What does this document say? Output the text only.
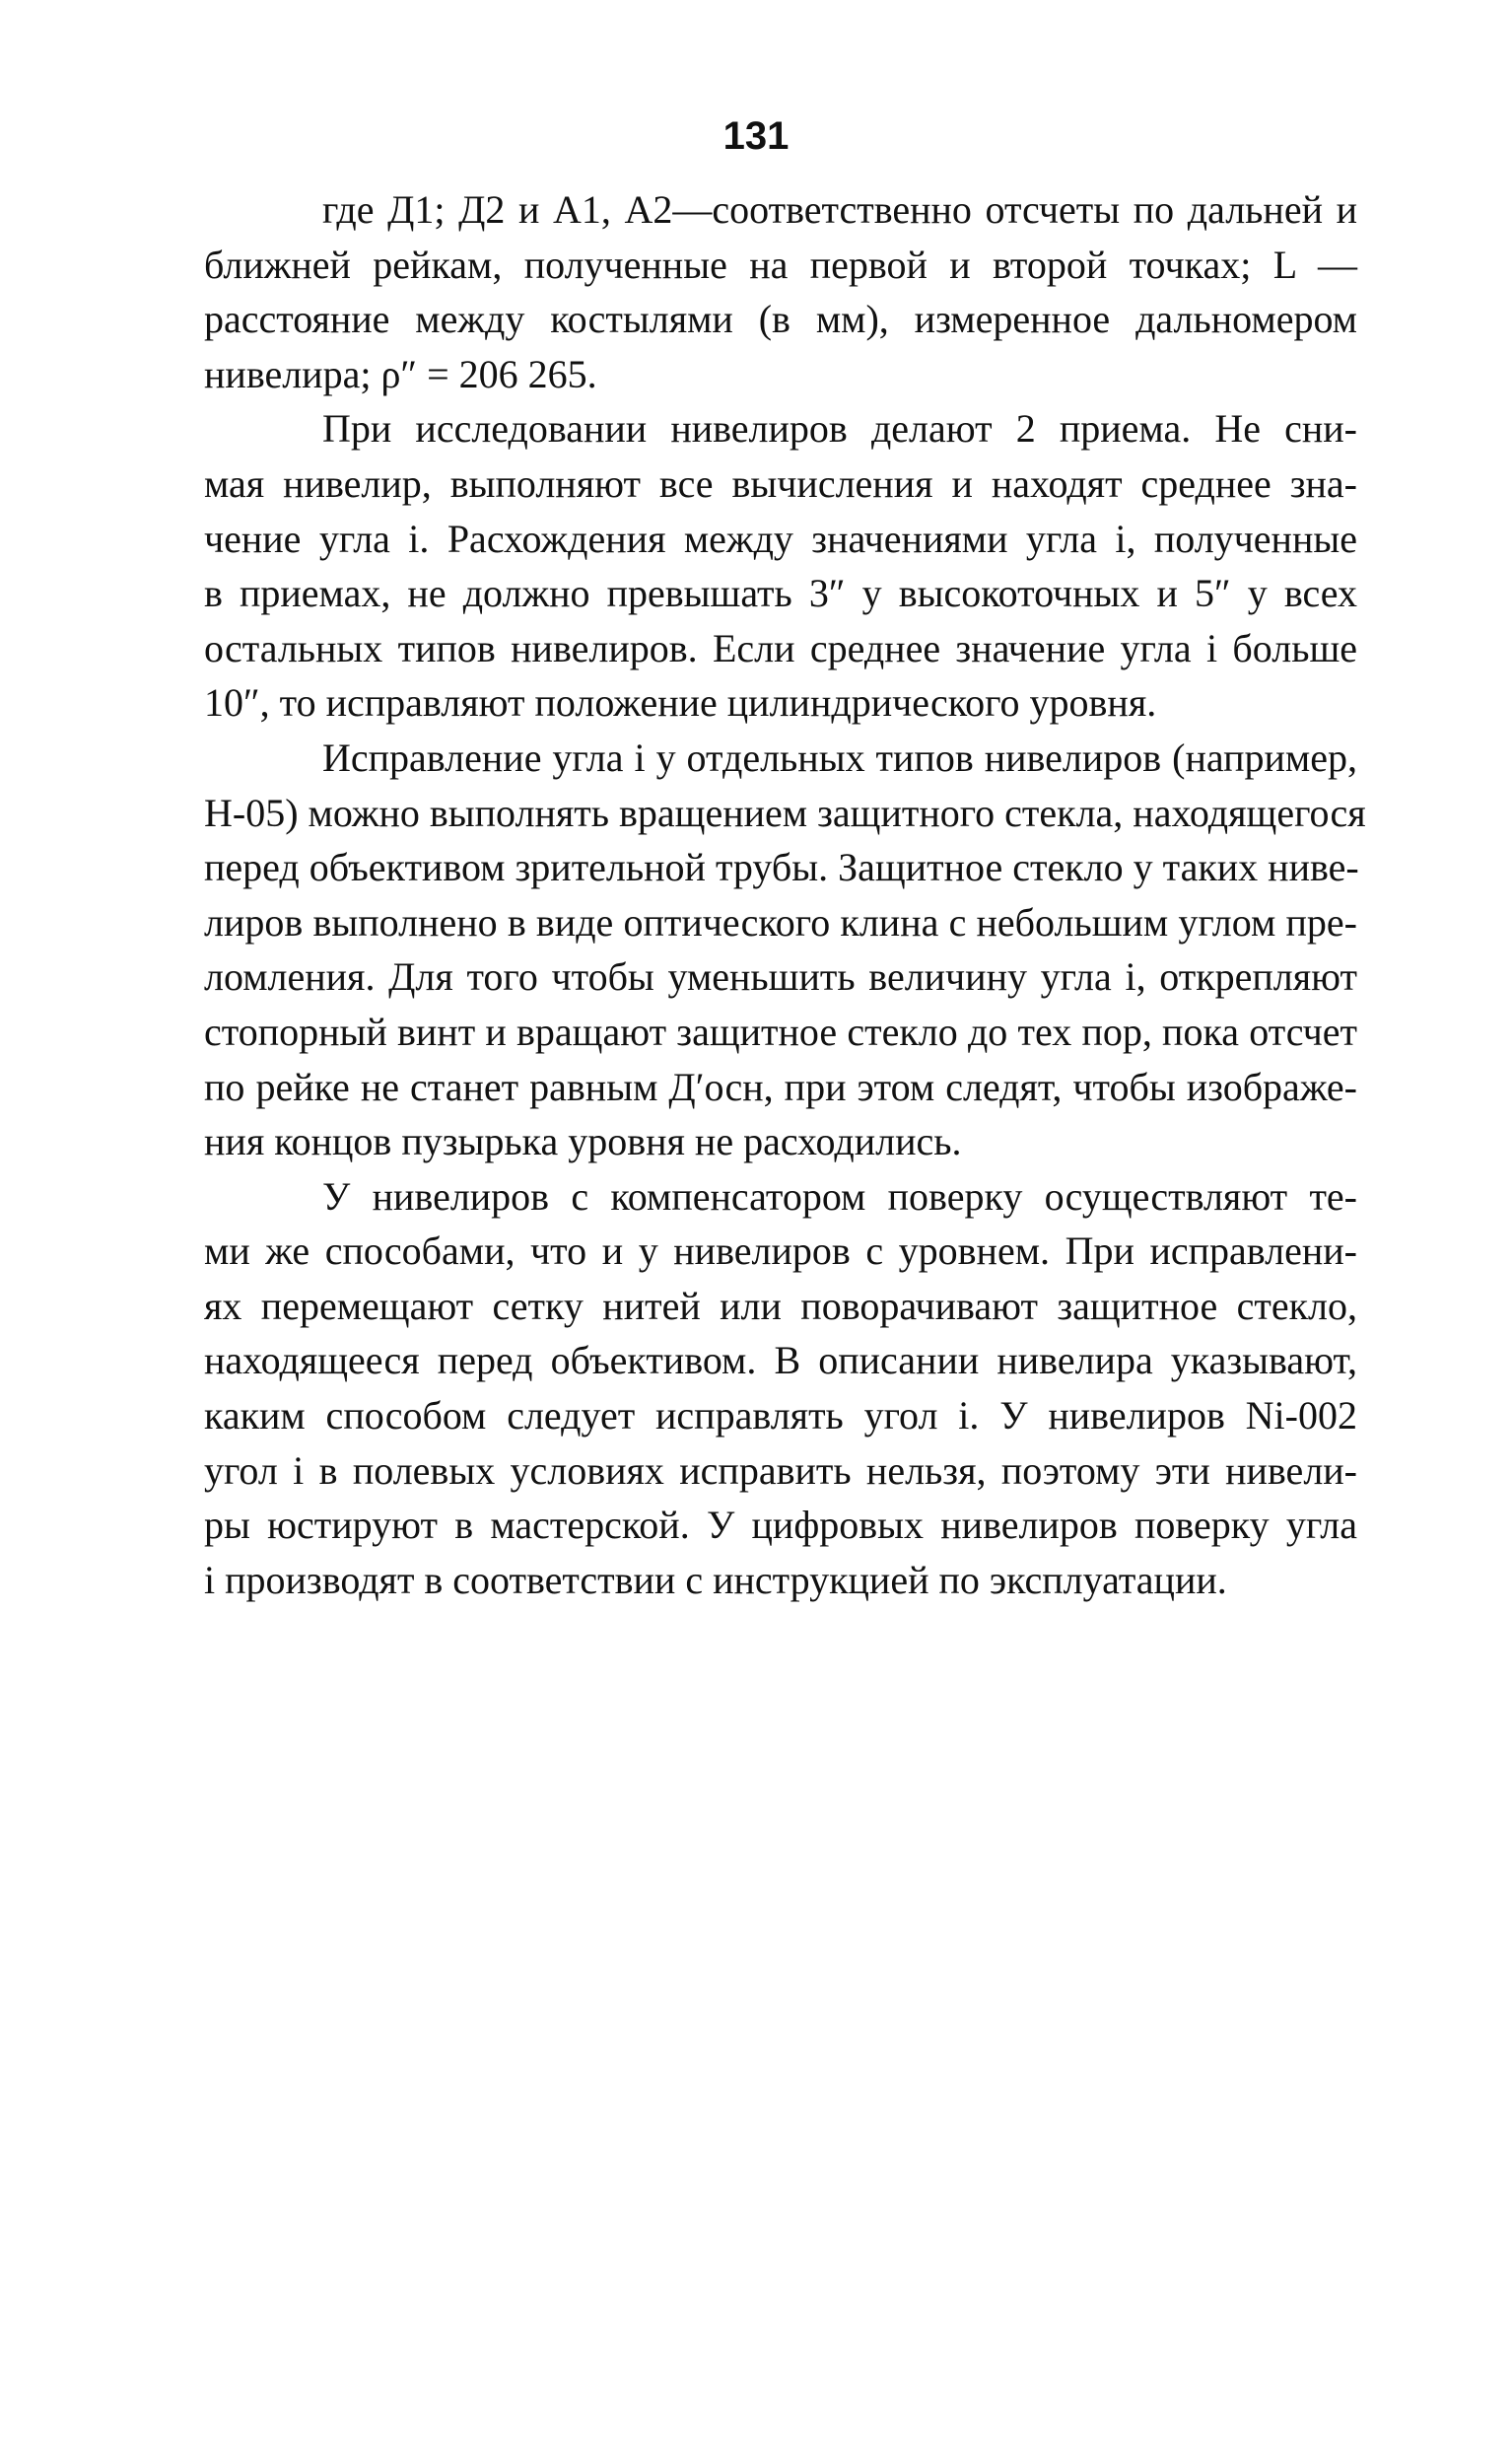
131
где Д1; Д2 и А1, А2—соответственно отсчеты по дальней и
ближней рейкам, полученные на первой и второй точках; L —
расстояние между костылями (в мм), измеренное дальномером
нивелира; ρ″ = 206 265.
При исследовании нивелиров делают 2 приема. Не сни-
мая нивелир, выполняют все вычисления и находят среднее зна-
чение угла i. Расхождения между значениями угла i, полученные
в приемах, не должно превышать 3″ у высокоточных и 5″ у всех
остальных типов нивелиров. Если среднее значение угла i больше
10″, то исправляют положение цилиндрического уровня.
Исправление угла i у отдельных типов нивелиров (например,
Н-05) можно выполнять вращением защитного стекла, находящегося
перед объективом зрительной трубы. Защитное стекло у таких ниве-
лиров выполнено в виде оптического клина с небольшим углом пре-
ломления. Для того чтобы уменьшить величину угла i, открепляют
стопорный винт и вращают защитное стекло до тех пор, пока отсчет
по рейке не станет равным Д′осн, при этом следят, чтобы изображе-
ния концов пузырька уровня не расходились.
У нивелиров с компенсатором поверку осуществляют те-
ми же способами, что и у нивелиров с уровнем. При исправлени-
ях перемещают сетку нитей или поворачивают защитное стекло,
находящееся перед объективом. В описании нивелира указывают,
каким способом следует исправлять угол i. У нивелиров Ni-002
угол i в полевых условиях исправить нельзя, поэтому эти нивели-
ры юстируют в мастерской. У цифровых нивелиров поверку угла
i производят в соответствии с инструкцией по эксплуатации.
